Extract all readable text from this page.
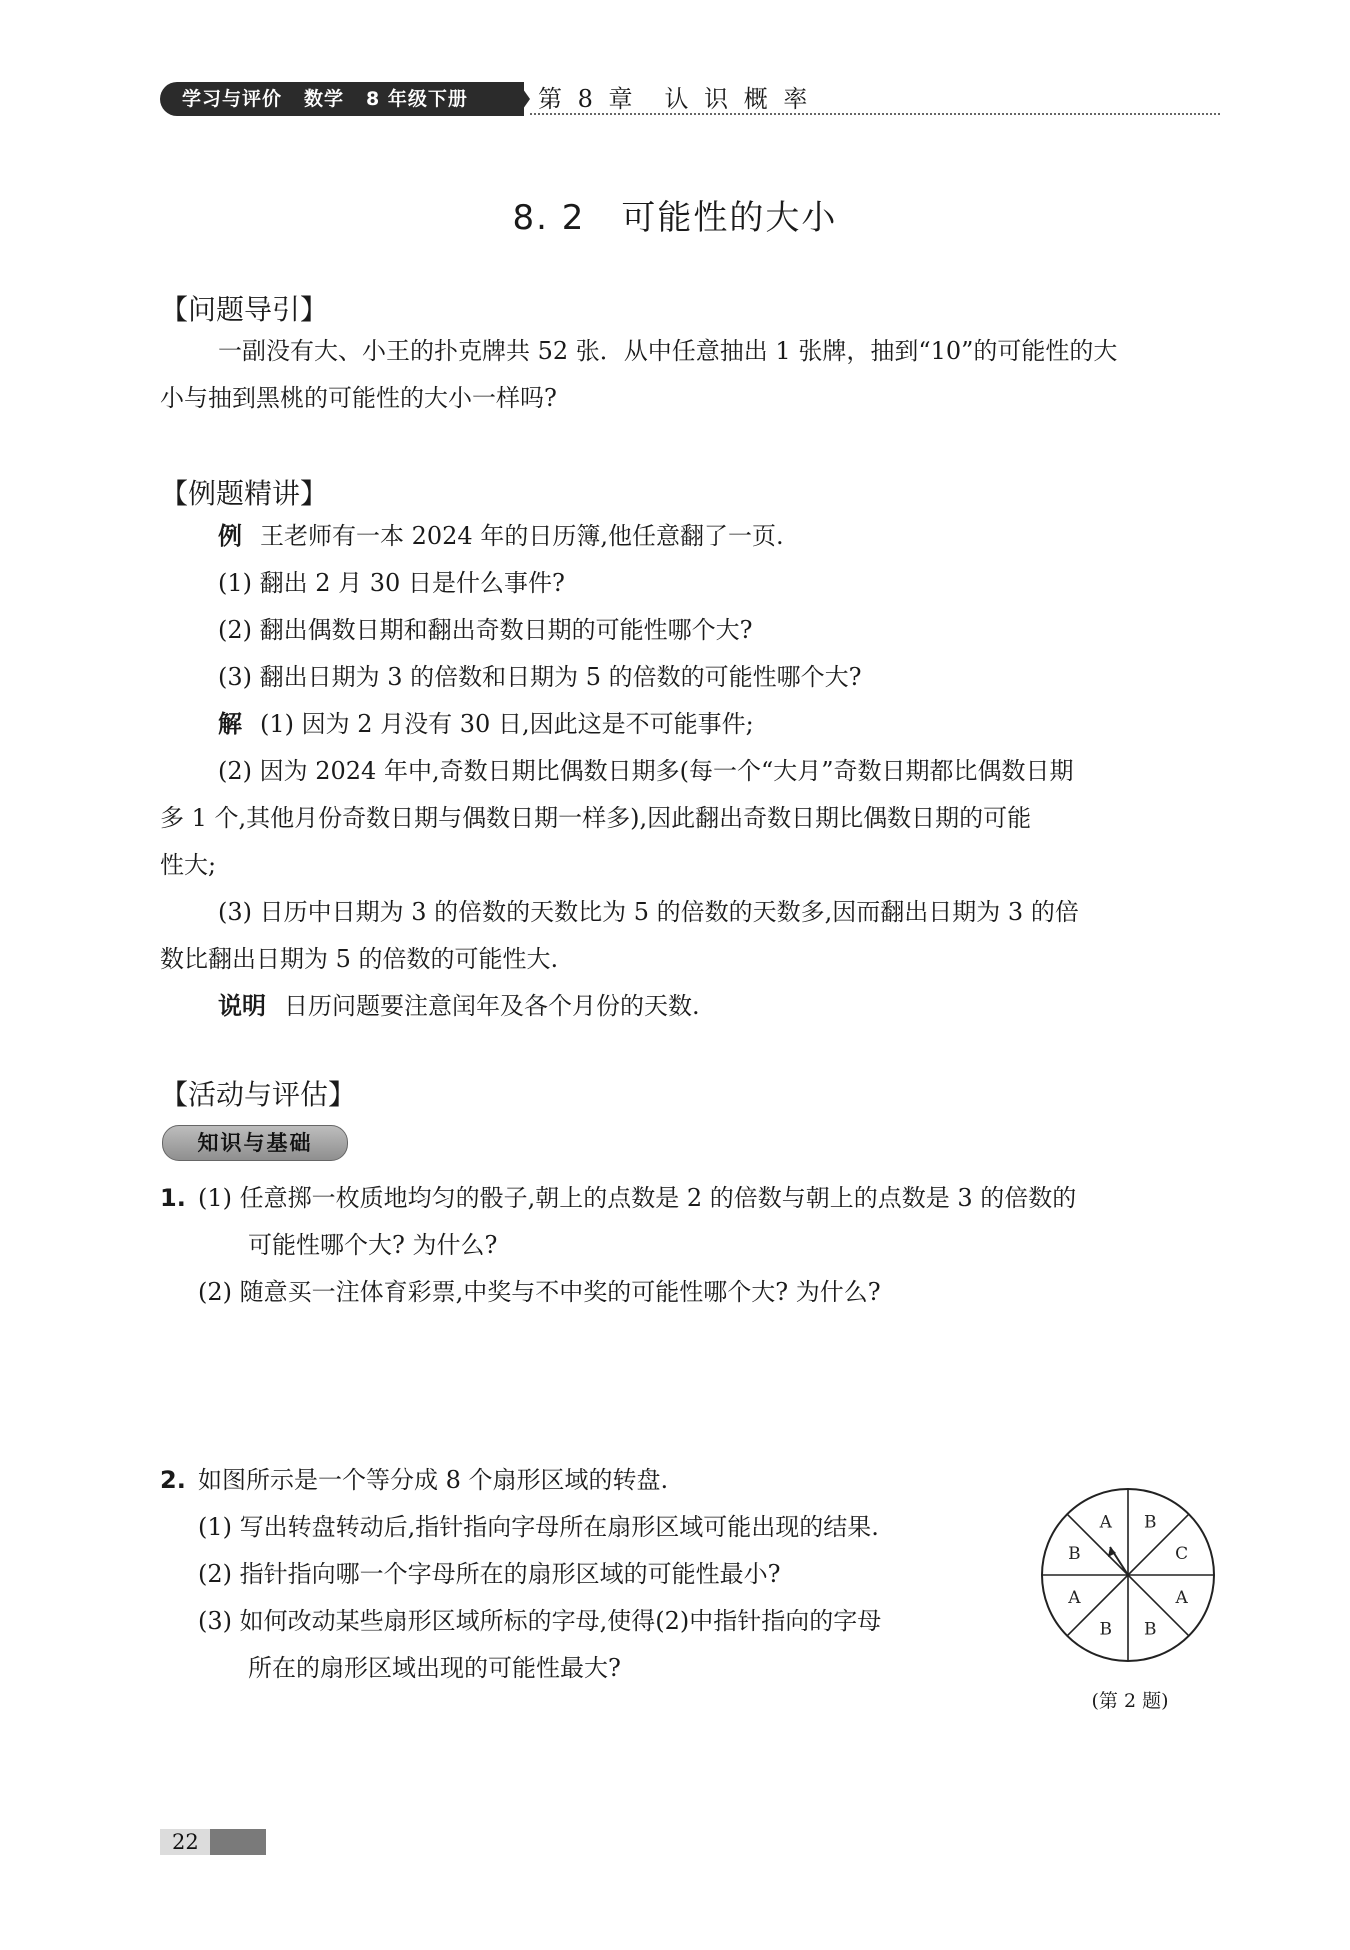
学习与评价 数学 8 年级下册	第 8 章　认 识 概 率
8. 2　可能性的大小
【问题导引】
一副没有大、小王的扑克牌共 52 张．从中任意抽出 1 张牌，抽到“10”的可能性的大
小与抽到黑桃的可能性的大小一样吗?
【例题精讲】
例 王老师有一本 2024 年的日历簿,他任意翻了一页.
(1) 翻出 2 月 30 日是什么事件?
(2) 翻出偶数日期和翻出奇数日期的可能性哪个大?
(3) 翻出日期为 3 的倍数和日期为 5 的倍数的可能性哪个大?
解 (1) 因为 2 月没有 30 日,因此这是不可能事件;
(2) 因为 2024 年中,奇数日期比偶数日期多(每一个“大月”奇数日期都比偶数日期
多 1 个,其他月份奇数日期与偶数日期一样多),因此翻出奇数日期比偶数日期的可能
性大;
(3) 日历中日期为 3 的倍数的天数比为 5 的倍数的天数多,因而翻出日期为 3 的倍
数比翻出日期为 5 的倍数的可能性大.
说明 日历问题要注意闰年及各个月份的天数.
【活动与评估】
知识与基础
1. (1) 任意掷一枚质地均匀的骰子,朝上的点数是 2 的倍数与朝上的点数是 3 的倍数的
可能性哪个大? 为什么?
(2) 随意买一注体育彩票,中奖与不中奖的可能性哪个大? 为什么?
2. 如图所示是一个等分成 8 个扇形区域的转盘.
(1) 写出转盘转动后,指针指向字母所在扇形区域可能出现的结果.
(2) 指针指向哪一个字母所在的扇形区域的可能性最小?
(3) 如何改动某些扇形区域所标的字母,使得(2)中指针指向的字母
所在的扇形区域出现的可能性最大?
B
C
A
B
B
A
B
A
(第 2 题)
22
